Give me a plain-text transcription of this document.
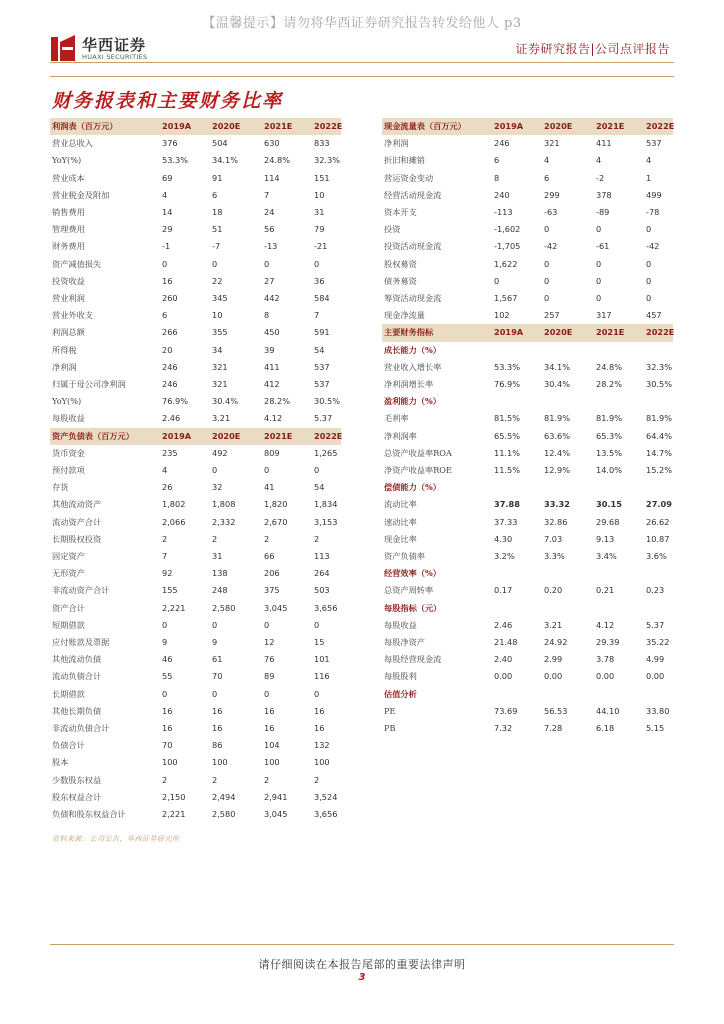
【温馨提示】请勿将华西证券研究报告转发给他人 p3
华西证券
HUAXI SECURITIES
证券研究报告|公司点评报告
财务报表和主要财务比率
利润表（百万元）	2019A	2020E	2021E	2022E
营业总收入	376	504	630	833
YoY(%)	53.3%	34.1%	24.8%	32.3%
营业成本	69	91	114	151
营业税金及附加	4	6	7	10
销售费用	14	18	24	31
管理费用	29	51	56	79
财务费用	-1	-7	-13	-21
资产减值损失	0	0	0	0
投资收益	16	22	27	36
营业利润	260	345	442	584
营业外收支	6	10	8	7
利润总额	266	355	450	591
所得税	20	34	39	54
净利润	246	321	411	537
归属于母公司净利润	246	321	412	537
YoY(%)	76.9%	30.4%	28.2%	30.5%
每股收益	2.46	3.21	4.12	5.37
资产负债表（百万元）	2019A	2020E	2021E	2022E
货币资金	235	492	809	1,265
预付款项	4	0	0	0
存货	26	32	41	54
其他流动资产	1,802	1,808	1,820	1,834
流动资产合计	2,066	2,332	2,670	3,153
长期股权投资	2	2	2	2
固定资产	7	31	66	113
无形资产	92	138	206	264
非流动资产合计	155	248	375	503
资产合计	2,221	2,580	3,045	3,656
短期借款	0	0	0	0
应付账款及票据	9	9	12	15
其他流动负债	46	61	76	101
流动负债合计	55	70	89	116
长期借款	0	0	0	0
其他长期负债	16	16	16	16
非流动负债合计	16	16	16	16
负债合计	70	86	104	132
股本	100	100	100	100
少数股东权益	2	2	2	2
股东权益合计	2,150	2,494	2,941	3,524
负债和股东权益合计	2,221	2,580	3,045	3,656
现金流量表（百万元）	2019A	2020E	2021E	2022E
净利润	246	321	411	537
折旧和摊销	6	4	4	4
营运资金变动	8	6	-2	1
经营活动现金流	240	299	378	499
资本开支	-113	-63	-89	-78
投资	-1,602	0	0	0
投资活动现金流	-1,705	-42	-61	-42
股权募资	1,622	0	0	0
债务募资	0	0	0	0
筹资活动现金流	1,567	0	0	0
现金净流量	102	257	317	457
主要财务指标	2019A	2020E	2021E	2022E
成长能力（%）
营业收入增长率	53.3%	34.1%	24.8%	32.3%
净利润增长率	76.9%	30.4%	28.2%	30.5%
盈利能力（%）
毛利率	81.5%	81.9%	81.9%	81.9%
净利润率	65.5%	63.6%	65.3%	64.4%
总资产收益率ROA	11.1%	12.4%	13.5%	14.7%
净资产收益率ROE	11.5%	12.9%	14.0%	15.2%
偿债能力（%）
流动比率	37.88	33.32	30.15	27.09
速动比率	37.33	32.86	29.68	26.62
现金比率	4.30	7.03	9.13	10.87
资产负债率	3.2%	3.3%	3.4%	3.6%
经营效率（%）
总资产周转率	0.17	0.20	0.21	0.23
每股指标（元）
每股收益	2.46	3.21	4.12	5.37
每股净资产	21.48	24.92	29.39	35.22
每股经营现金流	2.40	2.99	3.78	4.99
每股股利	0.00	0.00	0.00	0.00
估值分析
PE	73.69	56.53	44.10	33.80
PB	7.32	7.28	6.18	5.15
资料来源：公司公告，华西证券研究所
请仔细阅读在本报告尾部的重要法律声明
3
